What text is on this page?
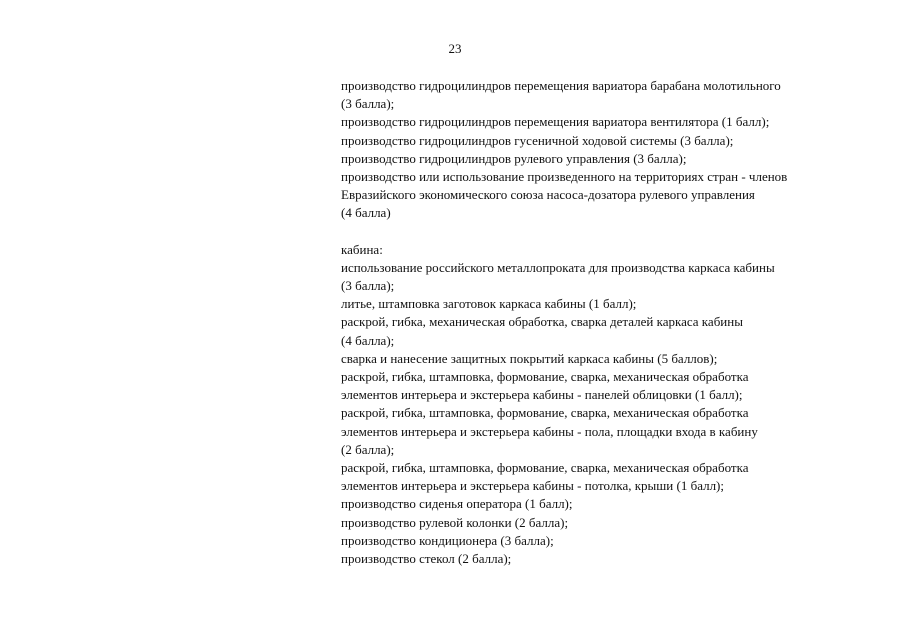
23
производство гидроцилиндров перемещения вариатора барабана молотильного
(3 балла);
производство гидроцилиндров перемещения вариатора вентилятора (1 балл);
производство гидроцилиндров гусеничной ходовой системы (3 балла);
производство гидроцилиндров рулевого управления (3 балла);
производство или использование произведенного на территориях стран - членов
Евразийского экономического союза насоса-дозатора рулевого управления
(4 балла)
кабина:
использование российского металлопроката для производства каркаса кабины
(3 балла);
литье, штамповка заготовок каркаса кабины (1 балл);
раскрой, гибка, механическая обработка, сварка деталей каркаса кабины
(4 балла);
сварка и нанесение защитных покрытий каркаса кабины (5 баллов);
раскрой, гибка, штамповка, формование, сварка, механическая обработка
элементов интерьера и экстерьера кабины - панелей облицовки (1 балл);
раскрой, гибка, штамповка, формование, сварка, механическая обработка
элементов интерьера и экстерьера кабины - пола, площадки входа в кабину
(2 балла);
раскрой, гибка, штамповка, формование, сварка, механическая обработка
элементов интерьера и экстерьера кабины - потолка, крыши (1 балл);
производство сиденья оператора (1 балл);
производство рулевой колонки (2 балла);
производство кондиционера (3 балла);
производство стекол (2 балла);
